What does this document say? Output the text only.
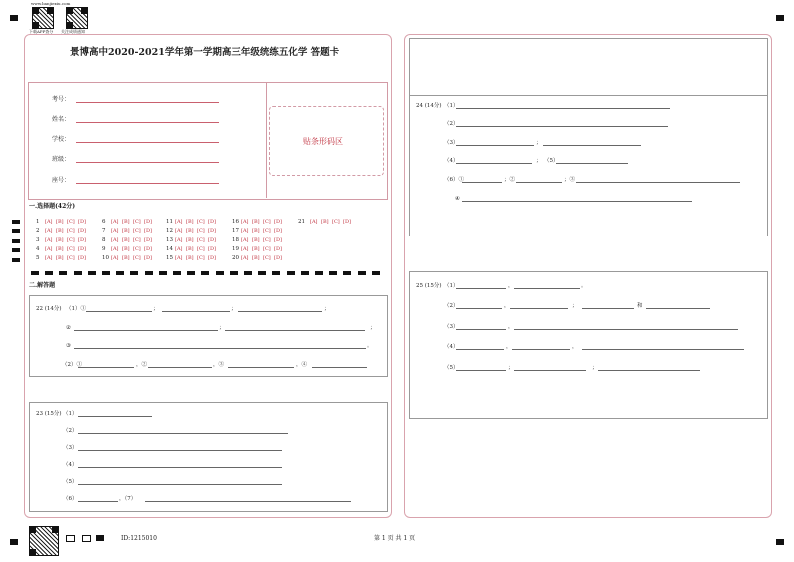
www.banjiexiu.com
下载APP查分 关注成绩通知
景博高中2020-2021学年第一学期高三年级统练五化学 答题卡
贴条形码区
考号：
姓名：
学校：
班级：
座号：
一.选择题(42分)
1 [A] [B] [C] [D]	6 [A] [B] [C] [D]	11 [A] [B] [C] [D]	16 [A] [B] [C] [D]	21 [A] [B] [C] [D]
2 [A] [B] [C] [D]	7 [A] [B] [C] [D]	12 [A] [B] [C] [D]	17 [A] [B] [C] [D]
3 [A] [B] [C] [D]	8 [A] [B] [C] [D]	13 [A] [B] [C] [D]	18 [A] [B] [C] [D]
4 [A] [B] [C] [D]	9 [A] [B] [C] [D]	14 [A] [B] [C] [D]	19 [A] [B] [C] [D]
5 [A] [B] [C] [D]	10 [A] [B] [C] [D]	15 [A] [B] [C] [D]	20 [A] [B] [C] [D]
二.解答题
22 (14分) （1）①	；	；	；
②	；	；
③	。
（2）①	，②	，③	，④
23 (15分) （1）
（2）
（3）
（4）
（5）
（6）	，（7）
24 (14分) （1）
（2）
（3）	；
（4）	； （5）
（6）①	；②	；③
④
25 (15分) （1）	，	。
（2）	，	；	和
（3）	，
（4）	，	，
（5）	；	；
ID:1215010	第 1 页 共 1 页
